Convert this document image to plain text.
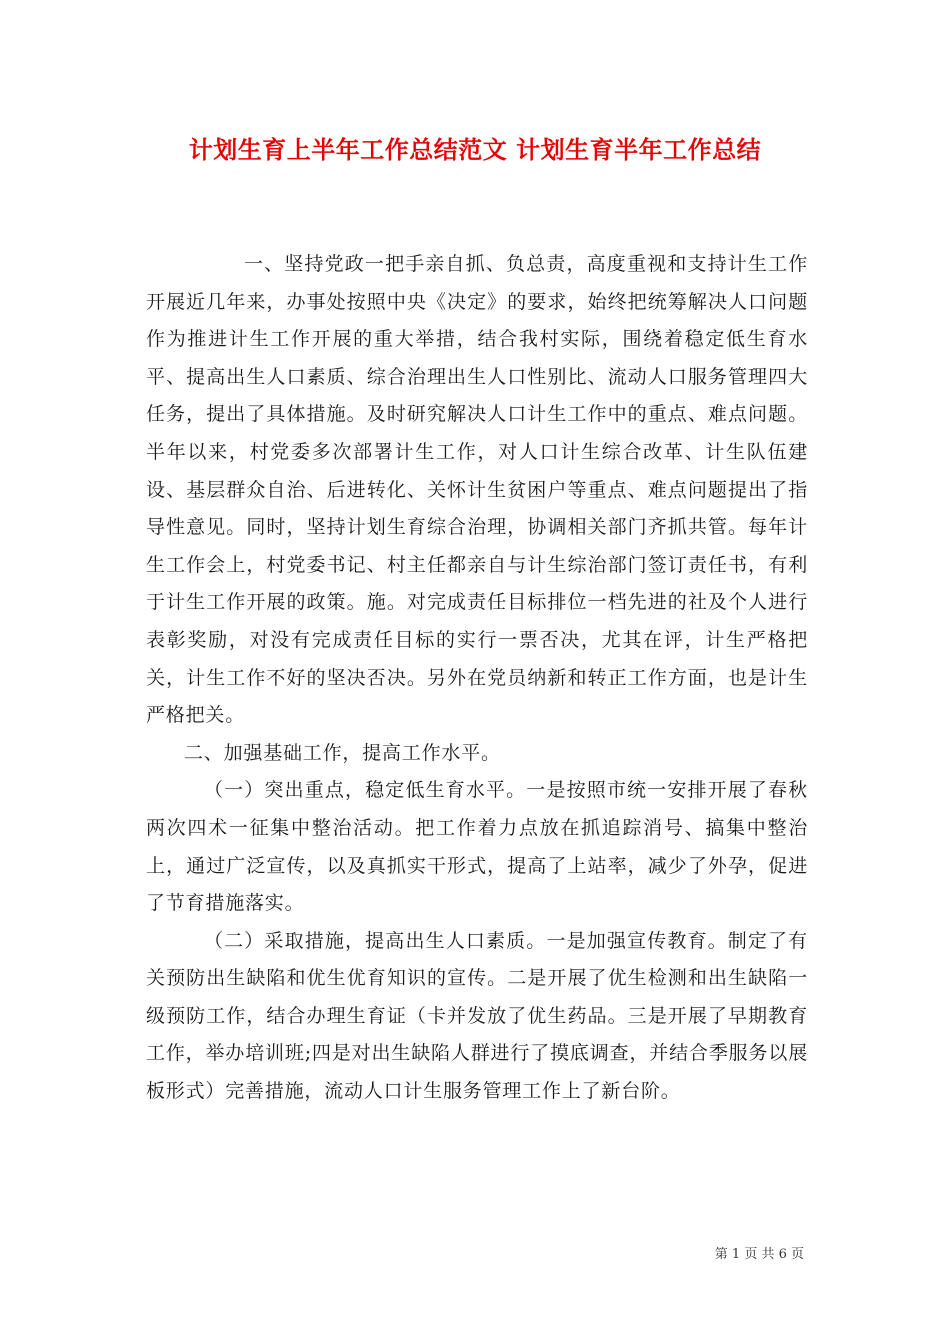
计划生育上半年工作总结范文 计划生育半年工作总结

一、坚持党政一把手亲自抓、负总责，高度重视和支持计生工作开展近几年来，办事处按照中央《决定》的要求，始终把统筹解决人口问题作为推进计生工作开展的重大举措，结合我村实际，围绕着稳定低生育水平、提高出生人口素质、综合治理出生人口性别比、流动人口服务管理四大任务，提出了具体措施。及时研究解决人口计生工作中的重点、难点问题。半年以来，村党委多次部署计生工作，对人口计生综合改革、计生队伍建设、基层群众自治、后进转化、关怀计生贫困户等重点、难点问题提出了指导性意见。同时，坚持计划生育综合治理，协调相关部门齐抓共管。每年计生工作会上，村党委书记、村主任都亲自与计生综治部门签订责任书，有利于计生工作开展的政策。施。对完成责任目标排位一档先进的社及个人进行表彰奖励，对没有完成责任目标的实行一票否决，尤其在评，计生严格把关，计生工作不好的坚决否决。另外在党员纳新和转正工作方面，也是计生严格把关。

二、加强基础工作，提高工作水平。

（一）突出重点，稳定低生育水平。一是按照市统一安排开展了春秋两次四术一征集中整治活动。把工作着力点放在抓追踪消号、搞集中整治上，通过广泛宣传，以及真抓实干形式，提高了上站率，减少了外孕，促进了节育措施落实。

（二）采取措施，提高出生人口素质。一是加强宣传教育。制定了有关预防出生缺陷和优生优育知识的宣传。二是开展了优生检测和出生缺陷一级预防工作，结合办理生育证（卡并发放了优生药品。三是开展了早期教育工作，举办培训班;四是对出生缺陷人群进行了摸底调查，并结合季服务以展板形式）完善措施，流动人口计生服务管理工作上了新台阶。

第 1 页 共 6 页
